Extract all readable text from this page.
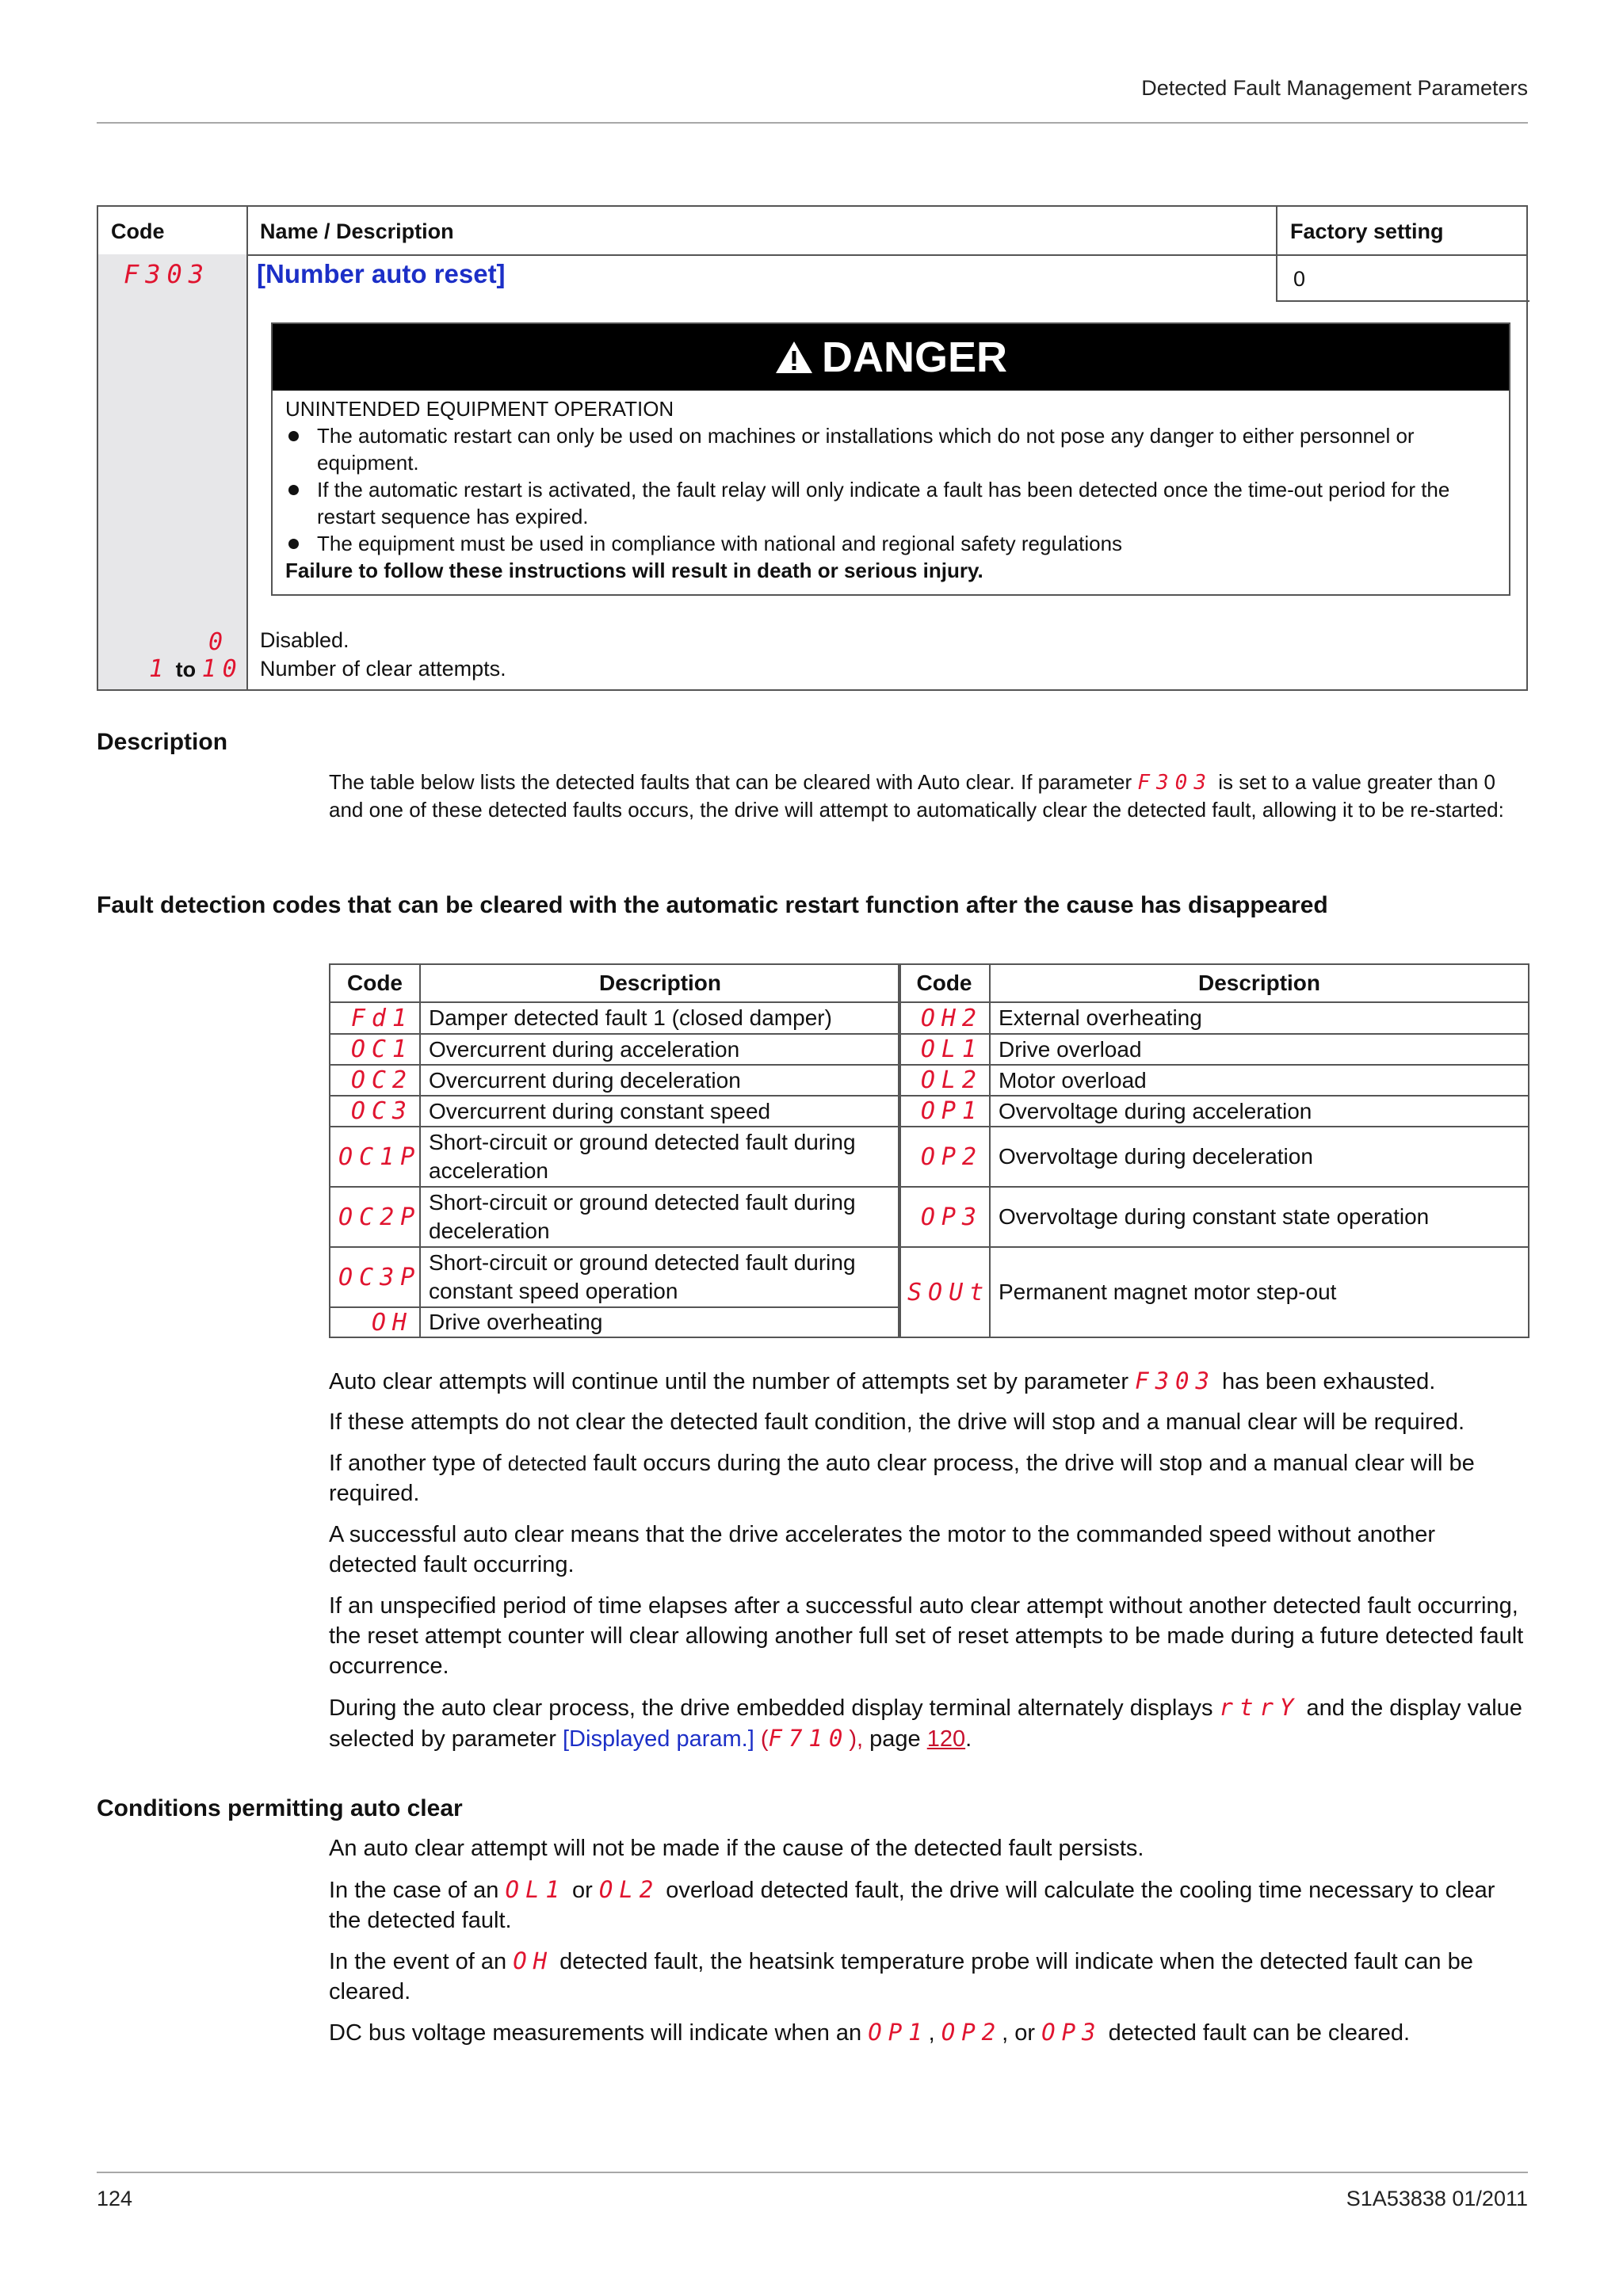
Detected Fault Management Parameters
Code	Name / Description	Factory setting
F303 [Number auto reset]	0
DANGER
UNINTENDED EQUIPMENT OPERATION
The automatic restart can only be used on machines or installations which do not pose any danger to either personnel or equipment.
If the automatic restart is activated, the fault relay will only indicate a fault has been detected once the time-out period for the restart sequence has expired.
The equipment must be used in compliance with national and regional safety regulations
Failure to follow these instructions will result in death or serious injury.
0 Disabled.
1 to 10 Number of clear attempts.
Description
The table below lists the detected faults that can be cleared with Auto clear. If parameter F303 is set to a value greater than 0 and one of these detected faults occurs, the drive will attempt to automatically clear the detected fault, allowing it to be re-started:
Fault detection codes that can be cleared with the automatic restart function after the cause has disappeared
Code	Description
Fd1	Damper detected fault 1 (closed damper)
OC1	Overcurrent during acceleration
OC2	Overcurrent during deceleration
OC3	Overcurrent during constant speed
OC1P	Short-circuit or ground detected fault during acceleration
OC2P	Short-circuit or ground detected fault during deceleration
OC3P	Short-circuit or ground detected fault during constant speed operation
OH	Drive overheating
Code	Description
OH2	External overheating
OL1	Drive overload
OL2	Motor overload
OP1	Overvoltage during acceleration
OP2	Overvoltage during deceleration
OP3	Overvoltage during constant state operation
SOUt	Permanent magnet motor step-out
Auto clear attempts will continue until the number of attempts set by parameter F303 has been exhausted.
If these attempts do not clear the detected fault condition, the drive will stop and a manual clear will be required.
If another type of detected fault occurs during the auto clear process, the drive will stop and a manual clear will be required.
A successful auto clear means that the drive accelerates the motor to the commanded speed without another detected fault occurring.
If an unspecified period of time elapses after a successful auto clear attempt without another detected fault occurring, the reset attempt counter will clear allowing another full set of reset attempts to be made during a future detected fault occurrence.
During the auto clear process, the drive embedded display terminal alternately displays rtrY and the display value selected by parameter [Displayed param.] (F710), page 120.
Conditions permitting auto clear
An auto clear attempt will not be made if the cause of the detected fault persists.
In the case of an OL1 or OL2 overload detected fault, the drive will calculate the cooling time necessary to clear the detected fault.
In the event of an OH detected fault, the heatsink temperature probe will indicate when the detected fault can be cleared.
DC bus voltage measurements will indicate when an OP1, OP2, or OP3 detected fault can be cleared.
124	S1A53838 01/2011
